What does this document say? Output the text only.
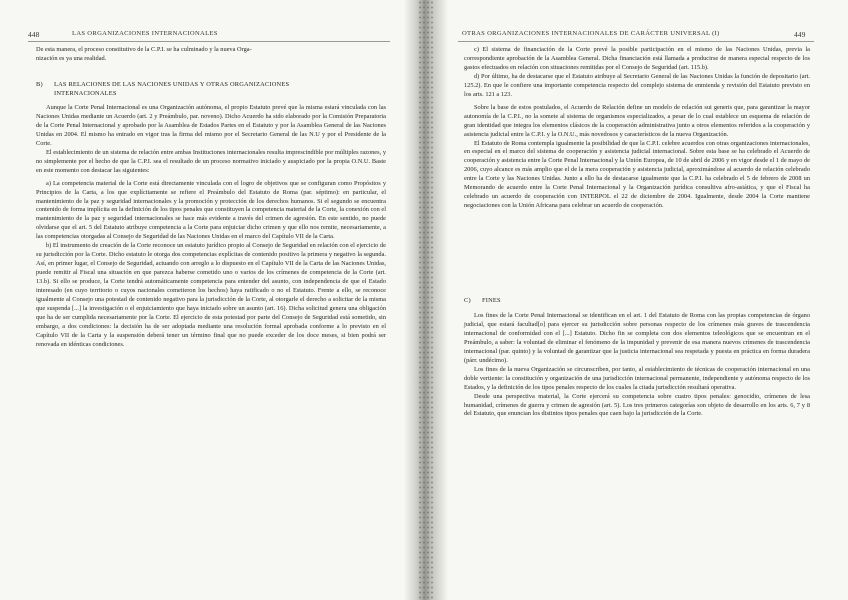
448	LAS ORGANIZACIONES INTERNACIONALES

De esta manera, el proceso constitutivo de la C.P.I. se ha culminado y la nueva Orga-

nización es ya una realidad.

B) LAS RELACIONES DE LAS NACIONES UNIDAS Y OTRAS ORGANIZACIONES
INTERNACIONALES

Aunque la Corte Penal Internacional es una Organización autónoma, el propio Estatuto prevé que la misma estará vinculada con las Naciones Unidas mediante un Acuerdo (art. 2 y Preámbulo, par. noveno). Dicho Acuerdo ha sido elaborado por la Comisión Preparatoria de la Corte Penal Internacional y aprobado por la Asamblea de Estados Partes en el Estatuto y por la Asamblea General de las Naciones Unidas en 2004. El mismo ha entrado en vigor tras la firma del mismo por el Secretario General de las N.U y por el Presidente de la Corte.

El establecimiento de un sistema de relación entre ambas Instituciones internacionales resulta imprescindible por múltiples razones, y no simplemente por el hecho de que la C.P.I. sea el resultado de un proceso normativo iniciado y auspiciado por la propia O.N.U. Baste en este momento con destacar las siguientes:

a) La competencia material de la Corte está directamente vinculada con el logro de objetivos que se configuran como Propósitos y Principios de la Carta, a los que explícitamente se refiere el Preámbulo del Estatuto de Roma (par. séptimo): en particular, el mantenimiento de la paz y seguridad internacionales y la promoción y protección de los derechos humanos. Si el segundo se encuentra contenido de forma implícita en la definición de los tipos penales que constituyen la competencia material de la Corte, la conexión con el mantenimiento de la paz y seguridad internacionales se hace más evidente a través del crimen de agresión. En este sentido, no puede olvidarse que el art. 5 del Estatuto atribuye competencia a la Corte para enjuiciar dicho crimen y que ello nos remite, necesariamente, a las competencias otorgadas al Consejo de Seguridad de las Naciones Unidas en el marco del Capítulo VII de la Carta.

b) El instrumento de creación de la Corte reconoce un estatuto jurídico propio al Consejo de Seguridad en relación con el ejercicio de su jurisdicción por la Corte. Dicho estatuto le otorga dos competencias explícitas de contenido positivo la primera y negativo la segunda. Así, en primer lugar, el Consejo de Seguridad, actuando con arreglo a lo dispuesto en el Capítulo VII de la Carta de las Naciones Unidas, puede remitir al Fiscal una situación en que parezca haberse cometido uno o varios de los crímenes de competencia de la Corte (art. 13.b). Si ello se produce, la Corte tendrá automáticamente competencia para entender del asunto, con independencia de que el Estado interesado (en cuyo territorio o cuyos nacionales cometieron los hechos) haya ratificado o no el Estatuto. Frente a ello, se reconoce igualmente al Consejo una potestad de contenido negativo para la jurisdicción de la Corte, al otorgarle el derecho a solicitar de la misma que suspenda [...] la investigación o el enjuiciamiento que haya iniciado sobre un asunto (art. 16). Dicha solicitud genera una obligación que ha de ser cumplida necesariamente por la Corte. El ejercicio de esta potestad por parte del Consejo de Seguridad está sometido, sin embargo, a dos condiciones: la decisión ha de ser adoptada mediante una resolución formal aprobada conforme a lo previsto en el Capítulo VII de la Carta y la suspensión deberá tener un término final que no puede exceder de los doce meses, si bien podrá ser renovada en idénticas condiciones.

OTRAS ORGANIZACIONES INTERNACIONALES DE CARÁCTER UNIVERSAL (I)	449

c) El sistema de financiación de la Corte prevé la posible participación en el mismo de las Naciones Unidas, previa la correspondiente aprobación de la Asamblea General. Dicha financiación está llamada a producirse de manera especial respecto de los gastos efectuados en relación con situaciones remitidas por el Consejo de Seguridad (art. 115.b).

d) Por último, ha de destacarse que el Estatuto atribuye al Secretario General de las Naciones Unidas la función de depositario (art. 125.2). En que le confiere una importante competencia respecto del complejo sistema de enmienda y revisión del Estatuto previsto en los arts. 121 a 123.

Sobre la base de estos postulados, el Acuerdo de Relación define un modelo de relación sui generis que, para garantizar la mayor autonomía de la C.P.I., no la somete al sistema de organismos especializados, a pesar de lo cual establece un esquema de relación de gran identidad que integra los elementos clásicos de la cooperación administrativa junto a otros elementos referidos a la cooperación y asistencia judicial entre la C.P.I. y la O.N.U., más novedosos y característicos de la nueva Organización.

El Estatuto de Roma contempla igualmente la posibilidad de que la C.P.I. celebre acuerdos con otras organizaciones internacionales, en especial en el marco del sistema de cooperación y asistencia judicial internacional. Sobre esta base se ha celebrado el Acuerdo de cooperación y asistencia entre la Corte Penal Internacional y la Unión Europea, de 10 de abril de 2006 y en vigor desde el 1 de mayo de 2006, cuyo alcance es más amplio que el de la mera cooperación y asistencia judicial, aproximándose al acuerdo de relación celebrado entre la Corte y las Naciones Unidas. Junto a ello ha de destacarse igualmente que la C.P.I. ha celebrado el 5 de febrero de 2008 un Memorando de acuerdo entre la Corte Penal Internacional y la Organización jurídica consultiva afro-asiática, y que el Fiscal ha celebrado un acuerdo de cooperación con INTERPOL el 22 de diciembre de 2004. Igualmente, desde 2004 la Corte mantiene negociaciones con la Unión Africana para celebrar un acuerdo de cooperación.

C) FINES

Los fines de la Corte Penal Internacional se identifican en el art. 1 del Estatuto de Roma con las propias competencias de órgano judicial, que estará facultad[o] para ejercer su jurisdicción sobre personas respecto de los crímenes más graves de trascendencia internacional de conformidad con el [...] Estatuto. Dicho fin se completa con dos elementos teleológicos que se encuentran en el Preámbulo, a saber: la voluntad de eliminar el fenómeno de la impunidad y prevenir de esa manera nuevos crímenes de trascendencia internacional (par. quinto) y la voluntad de garantizar que la justicia internacional sea respetada y puesta en práctica en forma duradera (párr. undécimo).

Los fines de la nueva Organización se circunscriben, por tanto, al establecimiento de técnicas de cooperación internacional en una doble vertiente: la constitución y organización de una jurisdicción internacional permanente, independiente y autónoma respecto de los Estados, y la definición de los tipos penales respecto de los cuales la citada jurisdicción resultará operativa.

Desde una perspectiva material, la Corte ejercerá su competencia sobre cuatro tipos penales: genocidio, crímenes de lesa humanidad, crímenes de guerra y crimen de agresión (art. 5). Los tres primeros categorías son objeto de desarrollo en los arts. 6, 7 y 8 del Estatuto, que enuncian los distintos tipos penales que caen bajo la jurisdicción de la Corte.
